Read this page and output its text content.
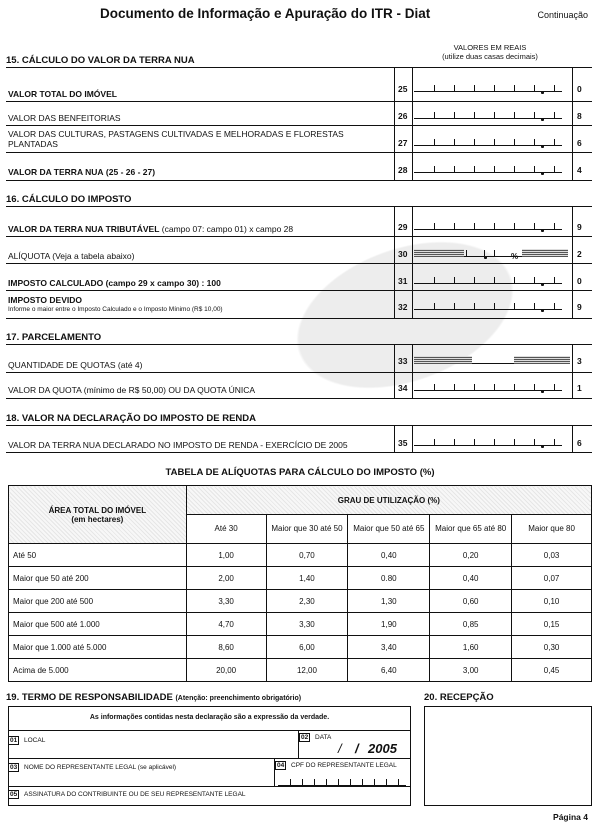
Documento de Informação e Apuração do ITR - Diat	Continuação
15. CÁLCULO DO VALOR DA TERRA NUA
VALORES EM REAIS
(utilize duas casas decimais)
VALOR TOTAL DO IMÓVEL	25	0
VALOR DAS BENFEITORIAS	26	8
VALOR DAS CULTURAS, PASTAGENS CULTIVADAS E MELHORADAS E FLORESTAS PLANTADAS	27	6
VALOR DA TERRA NUA (25 - 26 - 27)	28	4
16. CÁLCULO DO IMPOSTO
VALOR DA TERRA NUA TRIBUTÁVEL (campo 07: campo 01) x campo 28	29	9
ALÍQUOTA (Veja a tabela abaixo)	30	%	2
IMPOSTO CALCULADO (campo 29 x campo 30) : 100	31	0
IMPOSTO DEVIDO
Informe o maior entre o Imposto Calculado e o Imposto Mínimo (R$ 10,00)	32	9
17. PARCELAMENTO
QUANTIDADE DE QUOTAS (até 4)	33	3
VALOR DA QUOTA (mínimo de R$ 50,00) OU DA QUOTA ÚNICA	34	1
18. VALOR NA DECLARAÇÃO DO IMPOSTO DE RENDA
VALOR DA TERRA NUA DECLARADO NO IMPOSTO DE RENDA - EXERCÍCIO DE 2005	35	6
TABELA DE ALÍQUOTAS PARA CÁLCULO DO IMPOSTO (%)
ÁREA TOTAL DO IMÓVEL
(em hectares)	GRAU DE UTILIZAÇÃO (%)				
	Até 30	Maior que 30 até 50	Maior que 50 até 65	Maior que 65 até 80	Maior que 80
Até 50	1,00	0,70	0,40	0,20	0,03
Maior que 50 até 200	2,00	1,40	0.80	0,40	0,07
Maior que 200 até 500	3,30	2,30	1,30	0,60	0,10
Maior que 500 até 1.000	4,70	3,30	1,90	0,85	0,15
Maior que 1.000 até 5.000	8,60	6,00	3,40	1,60	0,30
Acima de 5.000	20,00	12,00	6,40	3,00	0,45
19. TERMO DE RESPONSABILIDADE (Atenção: preenchimento obrigatório)
As informações contidas nesta declaração são a expressão da verdade.
01	LOCAL	02	DATA
/ / 2005
03	NOME DO REPRESENTANTE LEGAL (se aplicável)	04	CPF DO REPRESENTANTE LEGAL
05	ASSINATURA DO CONTRIBUINTE OU DE SEU REPRESENTANTE LEGAL
20. RECEPÇÃO
Página 4
